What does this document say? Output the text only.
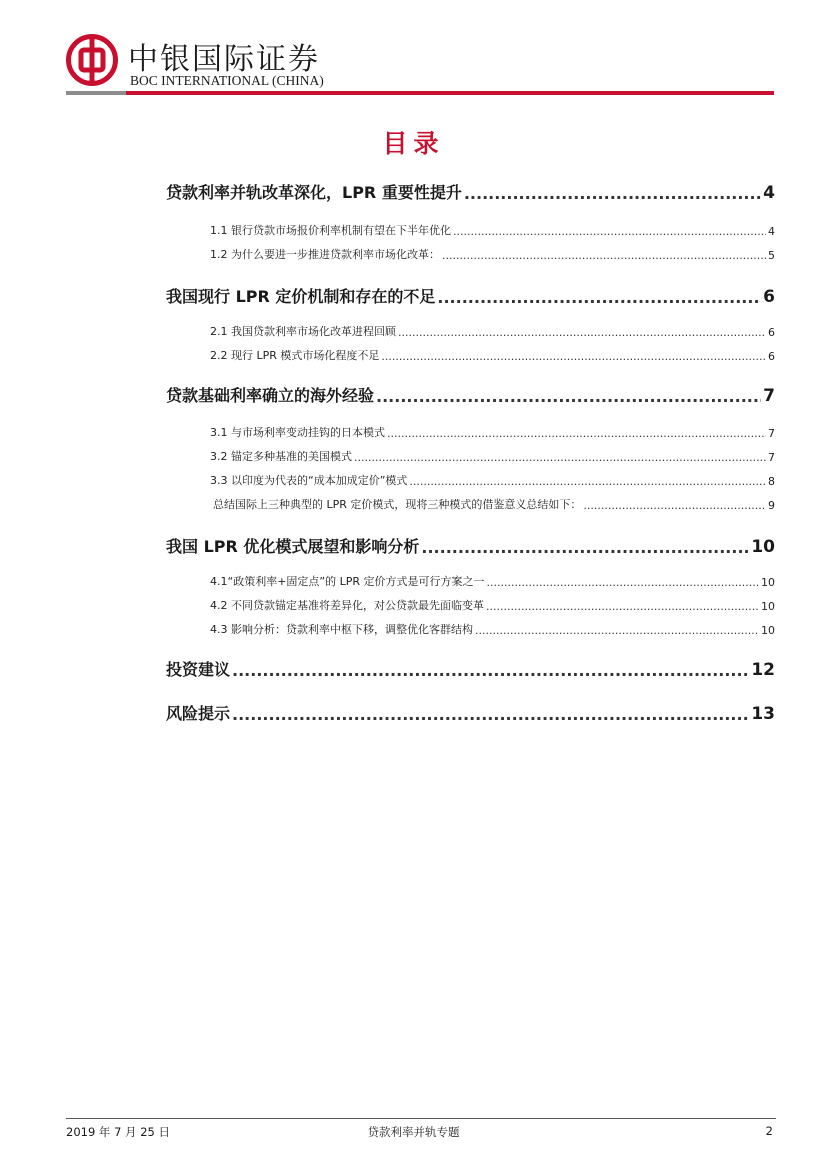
中银国际证券
BOC INTERNATIONAL (CHINA)
目录
贷款利率并轨改革深化，LPR 重要性提升 .....	4
1.1 银行贷款市场报价利率机制有望在下半年优化 .....	4
1.2 为什么要进一步推进贷款利率市场化改革： .....	5
我国现行 LPR 定价机制和存在的不足 .....	6
2.1 我国贷款利率市场化改革进程回顾 .....	6
2.2 现行 LPR 模式市场化程度不足 .....	6
贷款基础利率确立的海外经验 .....	7
3.1 与市场利率变动挂钩的日本模式 .....	7
3.2 锚定多种基准的美国模式 .....	7
3.3 以印度为代表的“成本加成定价”模式 .....	8
总结国际上三种典型的 LPR 定价模式，现将三种模式的借鉴意义总结如下： .....	9
我国 LPR 优化模式展望和影响分析 .....	10
4.1“政策利率+固定点”的 LPR 定价方式是可行方案之一 .....	10
4.2 不同贷款锚定基准将差异化，对公贷款最先面临变革 .....	10
4.3 影响分析：贷款利率中枢下移，调整优化客群结构 .....	10
投资建议 .....	12
风险提示 .....	13
2019 年 7 月 25 日	贷款利率并轨专题	2
